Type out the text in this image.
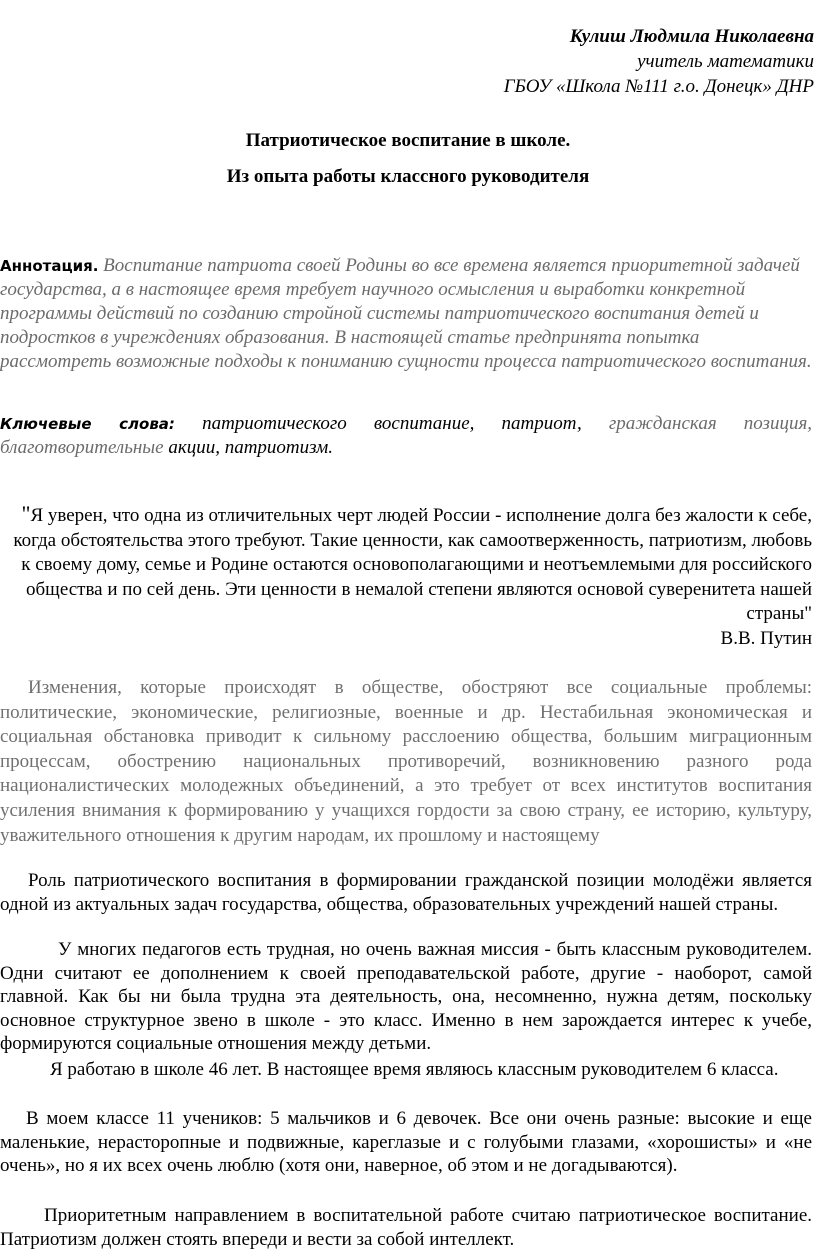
Кулиш Людмила Николаевна
учитель математики
ГБОУ «Школа №111 г.о. Донецк» ДНР
Патриотическое воспитание в школе.
Из опыта работы классного руководителя
Аннотация. Воспитание патриота своей Родины во все времена является приоритетной задачей государства, а в настоящее время требует научного осмысления и выработки конкретной программы действий по созданию стройной системы патриотического воспитания детей и подростков в учреждениях образования. В настоящей статье предпринята попытка рассмотреть возможные подходы к пониманию сущности процесса патриотического воспитания.
Ключевые слова: патриотического воспитание, патриот, гражданская позиция, благотворительные акции, патриотизм.
"Я уверен, что одна из отличительных черт людей России - исполнение долга без жалости к себе, когда обстоятельства этого требуют. Такие ценности, как самоотверженность, патриотизм, любовь к своему дому, семье и Родине остаются основополагающими и неотъемлемыми для российского общества и по сей день. Эти ценности в немалой степени являются основой суверенитета нашей страны"
В.В. Путин
Изменения, которые происходят в обществе, обостряют все социальные проблемы: политические, экономические, религиозные, военные и др. Нестабильная экономическая и социальная обстановка приводит к сильному расслоению общества, большим миграционным процессам, обострению национальных противоречий, возникновению разного рода националистических молодежных объединений, а это требует от всех институтов воспитания усиления внимания к формированию у учащихся гордости за свою страну, ее историю, культуру, уважительного отношения к другим народам, их прошлому и настоящему
Роль патриотического воспитания в формировании гражданской позиции молодёжи является одной из актуальных задач государства, общества, образовательных учреждений нашей страны.
У многих педагогов есть трудная, но очень важная миссия - быть классным руководителем. Одни считают ее дополнением к своей преподавательской работе, другие - наоборот, самой главной. Как бы ни была трудна эта деятельность, она, несомненно, нужна детям, поскольку основное структурное звено в школе - это класс. Именно в нем зарождается интерес к учебе, формируются социальные отношения между детьми.
Я работаю в школе 46 лет. В настоящее время являюсь классным руководителем 6 класса.
В моем классе 11 учеников: 5 мальчиков и 6 девочек. Все они очень разные: высокие и еще маленькие, нерасторопные и подвижные, кареглазые и с голубыми глазами, «хорошисты» и «не очень», но я их всех очень люблю (хотя они, наверное, об этом и не догадываются).
Приоритетным направлением в воспитательной работе считаю патриотическое воспитание. Патриотизм должен стоять впереди и вести за собой интеллект.
